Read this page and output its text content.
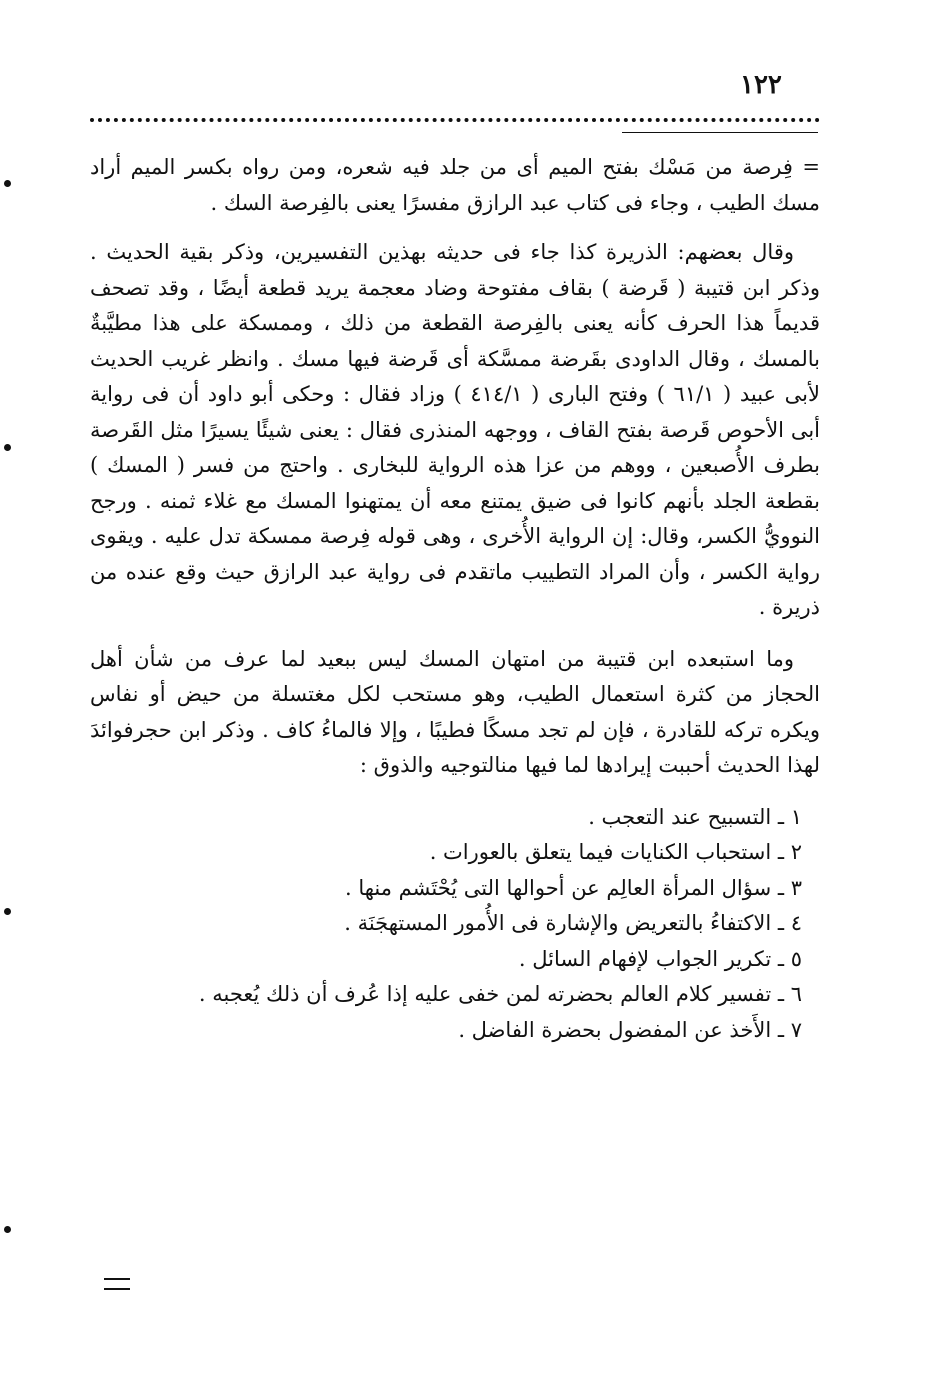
١٢٢

= فِرصة من مَسْك بفتح الميم أى من جلد فيه شعره، ومن رواه بكسر الميم أراد مسك الطيب ، وجاء فى كتاب عبد الرازق مفسرًا يعنى بالفِرصة السك .

وقال بعضهم: الذريرة كذا جاء فى حديثه بهذين التفسيرين، وذكر بقية الحديث . وذكر ابن قتيبة ( قَرضة ) بقاف مفتوحة وضاد معجمة يريد قطعة أيضًا ، وقد تصحف قديماً هذا الحرف كأنه يعنى بالفِرصة القطعة من ذلك ، وممسكة على هذا مطيَّبةٌ بالمسك ، وقال الداودى بقَرضة ممسَّكة أى قَرضة فيها مسك . وانظر غريب الحديث لأبى عبيد ( ٦١/١ ) وفتح البارى ( ٤١٤/١ ) وزاد فقال : وحكى أبو داود أن فى رواية أبى الأحوص قَرصة بفتح القاف ، ووجهه المنذرى فقال : يعنى شيئًا يسيرًا مثل القَرصة بطرف الأُصبعين ، ووهم من عزا هذه الرواية للبخارى . واحتج من فسر ( المسك ) بقطعة الجلد بأنهم كانوا فى ضيق يمتنع معه أن يمتهنوا المسك مع غلاء ثمنه . ورجح النوويُّ الكسر، وقال: إن الرواية الأُخرى ، وهى قوله فِرصة ممسكة تدل عليه . ويقوى رواية الكسر ، وأن المراد التطييب ماتقدم فى رواية عبد الرازق حيث وقع عنده من ذريرة .

وما استبعده ابن قتيبة من امتهان المسك ليس ببعيد لما عرف من شأن أهل الحجاز من كثرة استعمال الطيب، وهو مستحب لكل مغتسلة من حيض أو نفاس ويكره تركه للقادرة ، فإن لم تجد مسكًا فطيبًا ، وإلا فالماءُ كاف . وذكر ابن حجرفوائدَ لهذا الحديث أحببت إيرادها لما فيها منالتوجيه والذوق :

١ ـ التسبيح عند التعجب .
٢ ـ استحباب الكنايات فيما يتعلق بالعورات .
٣ ـ سؤال المرأة العالِم عن أحوالها التى يُحْتَشم منها .
٤ ـ الاكتفاءُ بالتعريض والإشارة فى الأُمور المستهجَنَة .
٥ ـ تكرير الجواب لإفهام السائل .
٦ ـ تفسير كلام العالم بحضرته لمن خفى عليه إذا عُرف أن ذلك يُعجبه .
٧ ـ الأَخذ عن المفضول بحضرة الفاضل .
